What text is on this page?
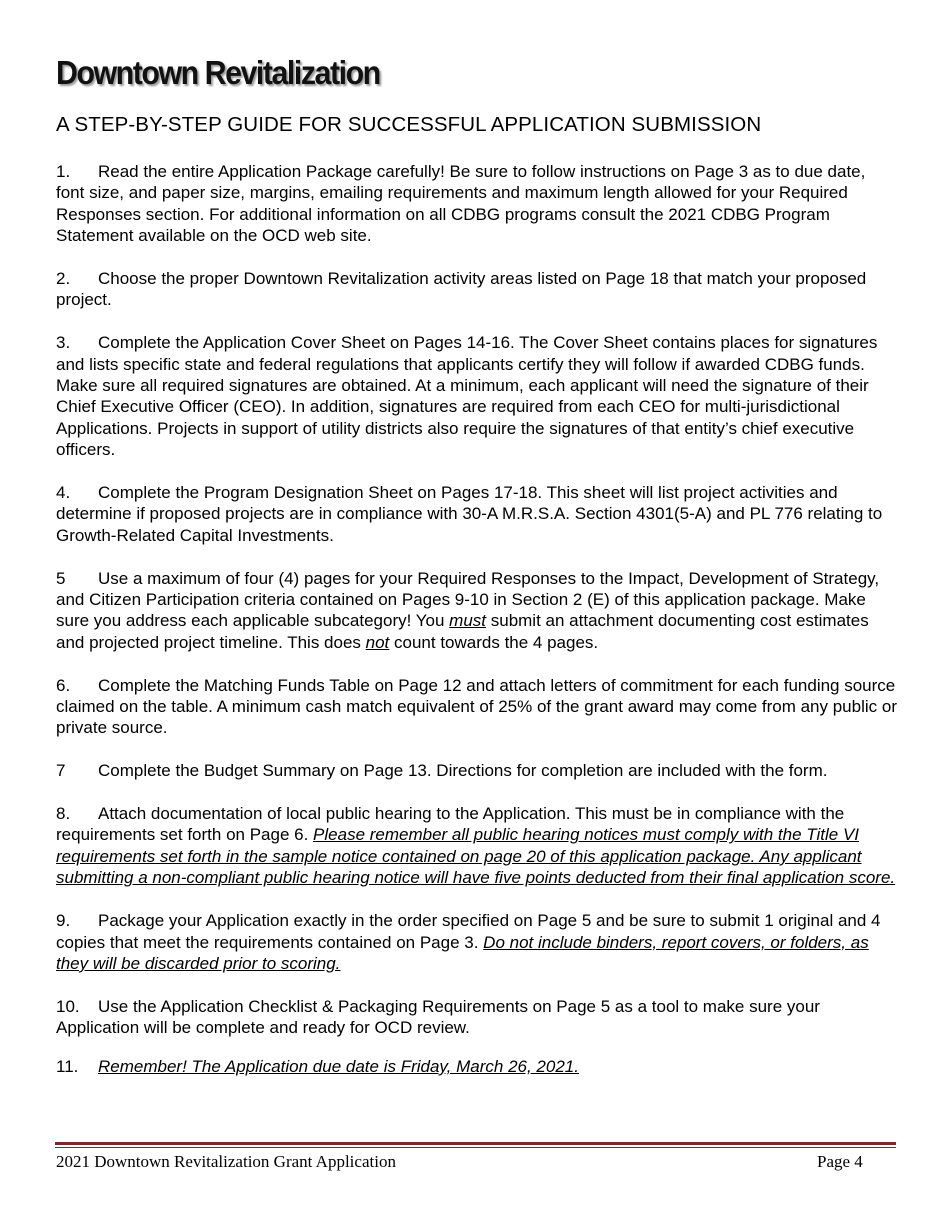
Downtown Revitalization
A STEP-BY-STEP GUIDE FOR SUCCESSFUL APPLICATION SUBMISSION

1. Read the entire Application Package carefully! Be sure to follow instructions on Page 3 as to due date, font size, and paper size, margins, emailing requirements and maximum length allowed for your Required Responses section. For additional information on all CDBG programs consult the 2021 CDBG Program Statement available on the OCD web site.

2. Choose the proper Downtown Revitalization activity areas listed on Page 18 that match your proposed project.

3. Complete the Application Cover Sheet on Pages 14-16. The Cover Sheet contains places for signatures and lists specific state and federal regulations that applicants certify they will follow if awarded CDBG funds. Make sure all required signatures are obtained. At a minimum, each applicant will need the signature of their Chief Executive Officer (CEO). In addition, signatures are required from each CEO for multi-jurisdictional Applications. Projects in support of utility districts also require the signatures of that entity’s chief executive officers.

4. Complete the Program Designation Sheet on Pages 17-18. This sheet will list project activities and determine if proposed projects are in compliance with 30-A M.R.S.A. Section 4301(5-A) and PL 776 relating to Growth-Related Capital Investments.

5 Use a maximum of four (4) pages for your Required Responses to the Impact, Development of Strategy, and Citizen Participation criteria contained on Pages 9-10 in Section 2 (E) of this application package. Make sure you address each applicable subcategory! You must submit an attachment documenting cost estimates and projected project timeline. This does not count towards the 4 pages.

6. Complete the Matching Funds Table on Page 12 and attach letters of commitment for each funding source claimed on the table. A minimum cash match equivalent of 25% of the grant award may come from any public or private source.

7 Complete the Budget Summary on Page 13. Directions for completion are included with the form.

8. Attach documentation of local public hearing to the Application. This must be in compliance with the requirements set forth on Page 6. Please remember all public hearing notices must comply with the Title VI requirements set forth in the sample notice contained on page 20 of this application package. Any applicant submitting a non-compliant public hearing notice will have five points deducted from their final application score.

9. Package your Application exactly in the order specified on Page 5 and be sure to submit 1 original and 4 copies that meet the requirements contained on Page 3. Do not include binders, report covers, or folders, as they will be discarded prior to scoring.

10. Use the Application Checklist & Packaging Requirements on Page 5 as a tool to make sure your Application will be complete and ready for OCD review.

11. Remember! The Application due date is Friday, March 26, 2021.

2021 Downtown Revitalization Grant Application	Page 4
